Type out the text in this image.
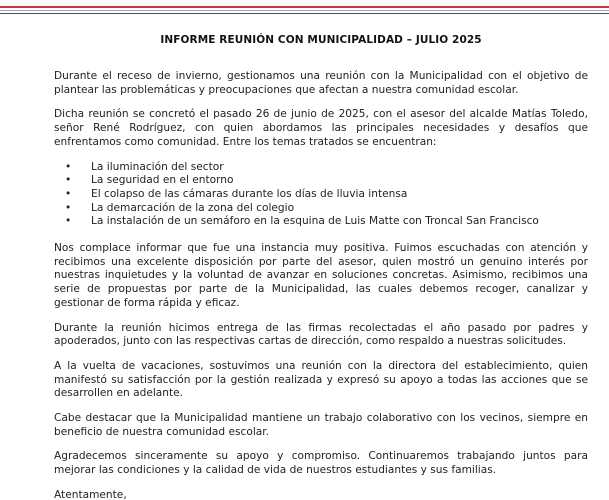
INFORME REUNIÓN CON MUNICIPALIDAD – JULIO 2025

Durante el receso de invierno, gestionamos una reunión con la Municipalidad con el objetivo de plantear las problemáticas y preocupaciones que afectan a nuestra comunidad escolar.

Dicha reunión se concretó el pasado 26 de junio de 2025, con el asesor del alcalde Matías Toledo, señor René Rodríguez, con quien abordamos las principales necesidades y desafíos que enfrentamos como comunidad. Entre los temas tratados se encuentran:

• La iluminación del sector
• La seguridad en el entorno
• El colapso de las cámaras durante los días de lluvia intensa
• La demarcación de la zona del colegio
• La instalación de un semáforo en la esquina de Luis Matte con Troncal San Francisco

Nos complace informar que fue una instancia muy positiva. Fuimos escuchadas con atención y recibimos una excelente disposición por parte del asesor, quien mostró un genuino interés por nuestras inquietudes y la voluntad de avanzar en soluciones concretas. Asimismo, recibimos una serie de propuestas por parte de la Municipalidad, las cuales debemos recoger, canalizar y gestionar de forma rápida y eficaz.

Durante la reunión hicimos entrega de las firmas recolectadas el año pasado por padres y apoderados, junto con las respectivas cartas de dirección, como respaldo a nuestras solicitudes.

A la vuelta de vacaciones, sostuvimos una reunión con la directora del establecimiento, quien manifestó su satisfacción por la gestión realizada y expresó su apoyo a todas las acciones que se desarrollen en adelante.

Cabe destacar que la Municipalidad mantiene un trabajo colaborativo con los vecinos, siempre en beneficio de nuestra comunidad escolar.

Agradecemos sinceramente su apoyo y compromiso. Continuaremos trabajando juntos para mejorar las condiciones y la calidad de vida de nuestros estudiantes y sus familias.

Atentamente,
